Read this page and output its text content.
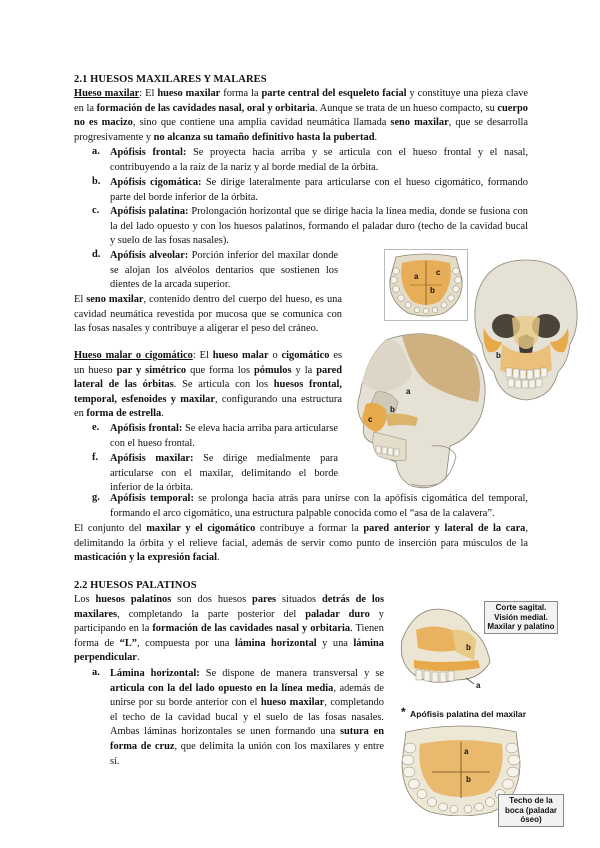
2.1 HUESOS MAXILARES Y MALARES

Hueso maxilar: El hueso maxilar forma la parte central del esqueleto facial y constituye una pieza clave en la formación de las cavidades nasal, oral y orbitaria. Aunque se trata de un hueso compacto, su cuerpo no es macizo, sino que contiene una amplia cavidad neumática llamada seno maxilar, que se desarrolla progresivamente y no alcanza su tamaño definitivo hasta la pubertad.

a. Apófisis frontal: Se proyecta hacia arriba y se articula con el hueso frontal y el nasal, contribuyendo a la raíz de la nariz y al borde medial de la órbita.
b. Apófisis cigomática: Se dirige lateralmente para articularse con el hueso cigomático, formando parte del borde inferior de la órbita.
c. Apófisis palatina: Prolongación horizontal que se dirige hacia la línea media, donde se fusiona con la del lado opuesto y con los huesos palatinos, formando el paladar duro (techo de la cavidad bucal y suelo de las fosas nasales).
d. Apófisis alveolar: Porción inferior del maxilar donde se alojan los alvéolos dentarios que sostienen los dientes de la arcada superior.

El seno maxilar, contenido dentro del cuerpo del hueso, es una cavidad neumática revestida por mucosa que se comunica con las fosas nasales y contribuye a aligerar el peso del cráneo.

Hueso malar o cigomático: El hueso malar o cigomático es un hueso par y simétrico que forma los pómulos y la pared lateral de las órbitas. Se articula con los huesos frontal, temporal, esfenoides y maxilar, configurando una estructura en forma de estrella.

e. Apófisis frontal: Se eleva hacia arriba para articularse con el hueso frontal.
f. Apófisis maxilar: Se dirige medialmente para articularse con el maxilar, delimitando el borde inferior de la órbita.
g. Apófisis temporal: se prolonga hacia atrás para unirse con la apófisis cigomática del temporal, formando el arco cigomático, una estructura palpable conocida como el “asa de la calavera”.

El conjunto del maxilar y el cigomático contribuye a formar la pared anterior y lateral de la cara, delimitando la órbita y el relieve facial, además de servir como punto de inserción para músculos de la masticación y la expresión facial.

2.2 HUESOS PALATINOS

Los huesos palatinos son dos huesos pares situados detrás de los maxilares, completando la parte posterior del paladar duro y participando en la formación de las cavidades nasal y orbitaria. Tienen forma de “L”, compuesta por una lámina horizontal y una lámina perpendicular.

a. Lámina horizontal: Se dispone de manera transversal y se articula con la del lado opuesto en la línea media, además de unirse por su borde anterior con el hueso maxilar, completando el techo de la cavidad bucal y el suelo de las fosas nasales. Ambas láminas horizontales se unen formando una sutura en forma de cruz, que delimita la unión con los maxilares y entre sí.
a
b
c
a
b
c
b
b
a
Corte sagital. Visión medial. Maxilar y palatino
* Apófisis palatina del maxilar
a
b
Techo de la boca (paladar óseo)
